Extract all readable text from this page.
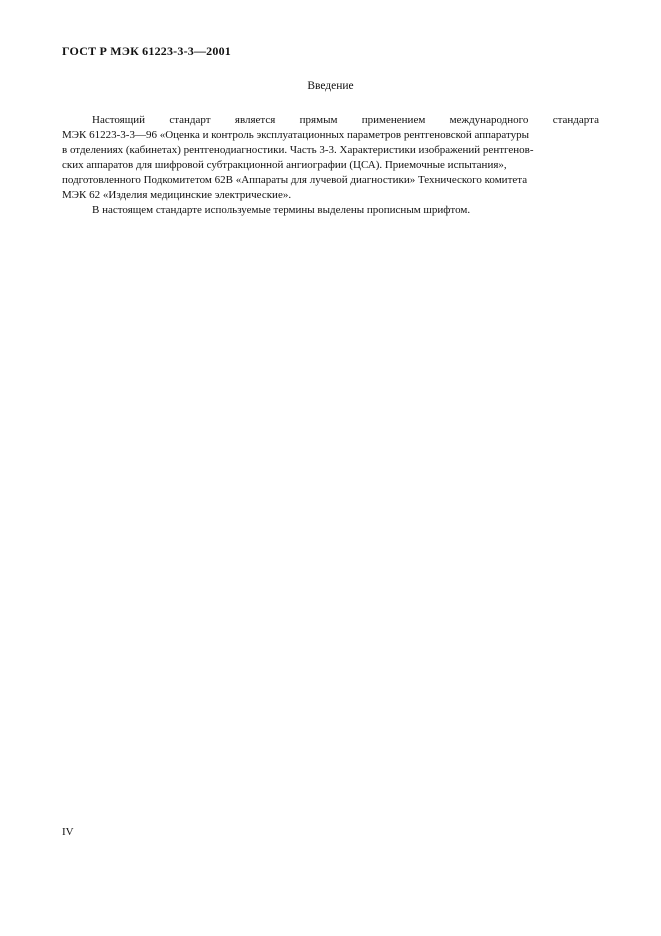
ГОСТ Р МЭК 61223-3-3—2001
Введение
Настоящий стандарт является прямым применением международного стандарта
МЭК 61223-3-3—96 «Оценка и контроль эксплуатационных параметров рентгеновской аппаратуры
в отделениях (кабинетах) рентгенодиагностики. Часть 3-3. Характеристики изображений рентгенов-
ских аппаратов для шифровой субтракционной ангиографии (ЦСА). Приемочные испытания»,
подготовленного Подкомитетом 62В «Аппараты для лучевой диагностики» Технического комитета
МЭК 62 «Изделия медицинские электрические».
В настоящем стандарте используемые термины выделены прописным шрифтом.
IV
